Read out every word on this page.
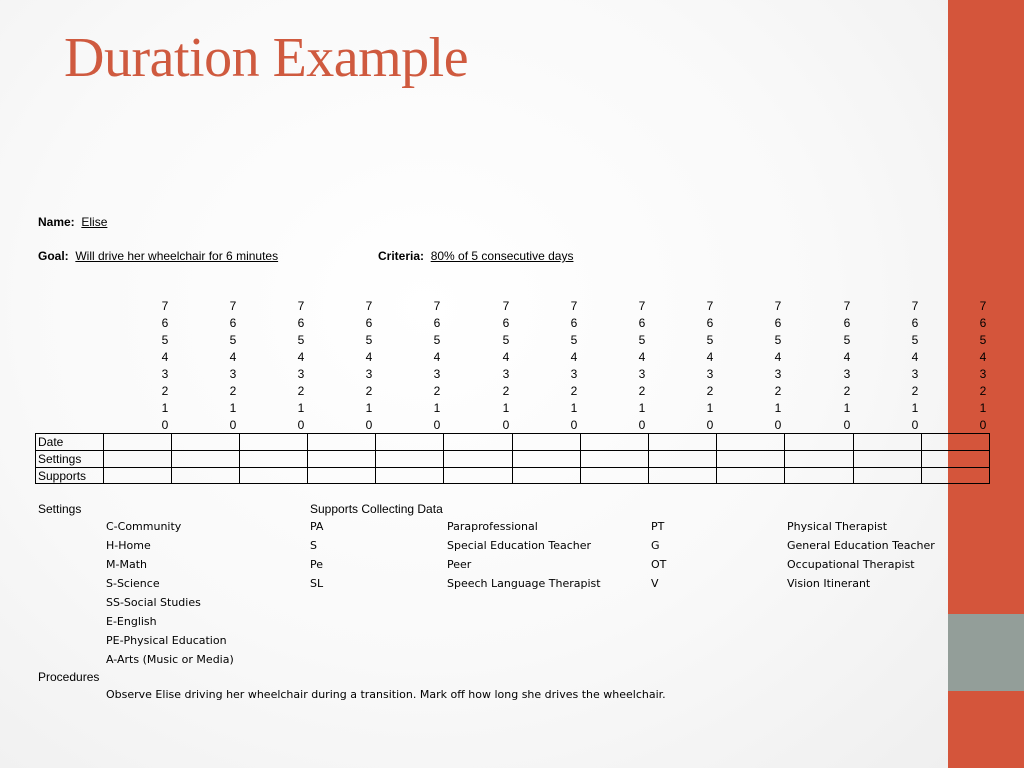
Duration Example
Name: Elise
Goal: Will drive her wheelchair for 6 minutes	Criteria: 80% of 5 consecutive days
7
6
5
4
3
2
1
0
7
6
5
4
3
2
1
0
7
6
5
4
3
2
1
0
7
6
5
4
3
2
1
0
7
6
5
4
3
2
1
0
7
6
5
4
3
2
1
0
7
6
5
4
3
2
1
0
7
6
5
4
3
2
1
0
7
6
5
4
3
2
1
0
7
6
5
4
3
2
1
0
7
6
5
4
3
2
1
0
7
6
5
4
3
2
1
0
7
6
5
4
3
2
1
0
Date
Settings
Supports
Settings	Supports Collecting Data
C-Community
H-Home
M-Math
S-Science
SS-Social Studies
E-English
PE-Physical Education
A-Arts (Music or Media)
PA	Paraprofessional	PT	Physical Therapist
S	Special Education Teacher	G	General Education Teacher
Pe	Peer	OT	Occupational Therapist
SL	Speech Language Therapist	V	Vision Itinerant
Procedures
Observe Elise driving her wheelchair during a transition. Mark off how long she drives the wheelchair.
